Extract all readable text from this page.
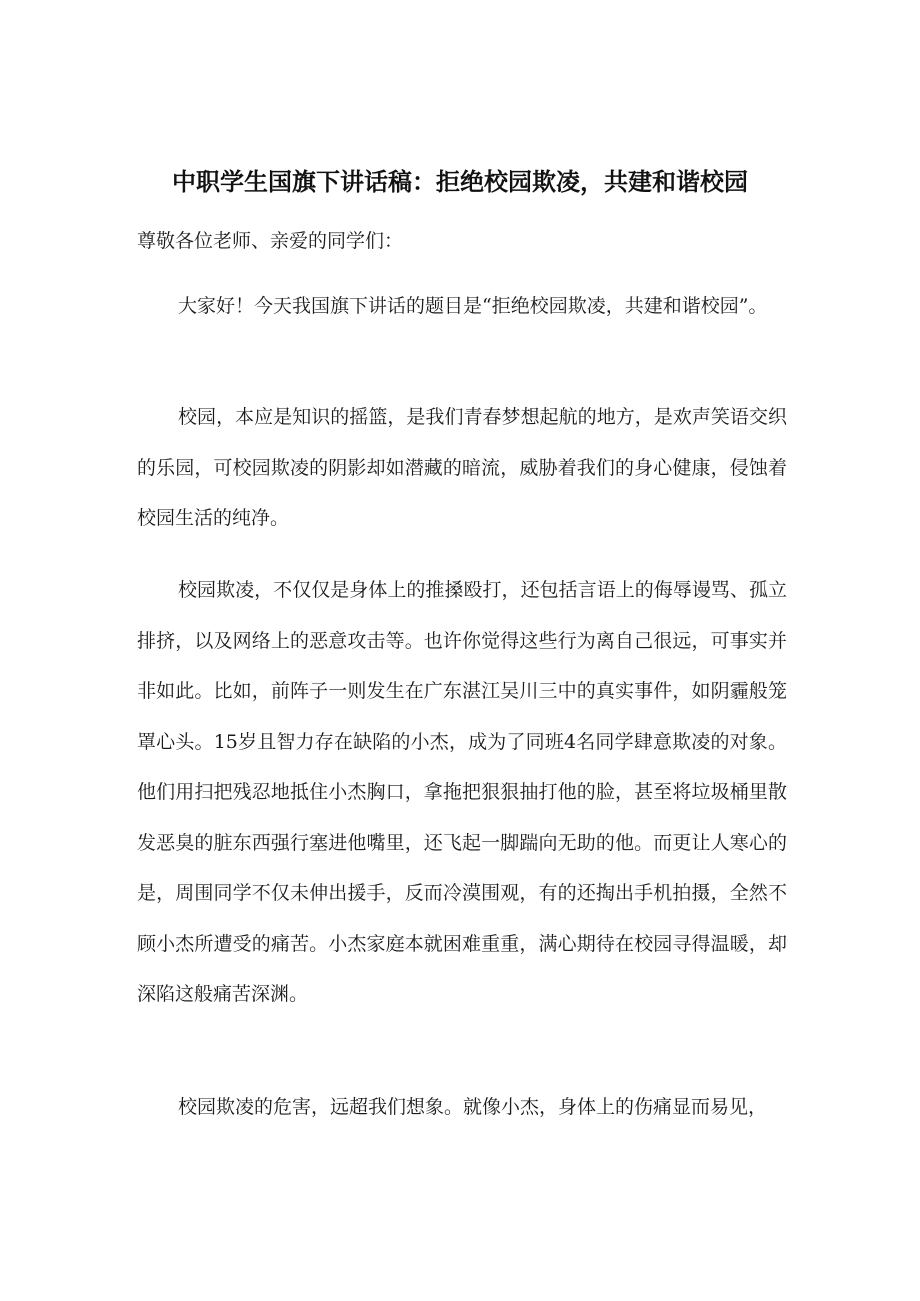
中职学生国旗下讲话稿：拒绝校园欺凌，共建和谐校园
尊敬各位老师、亲爱的同学们：

大家好！今天我国旗下讲话的题目是“拒绝校园欺凌，共建和谐校园”。

校园，本应是知识的摇篮，是我们青春梦想起航的地方，是欢声笑语交织的乐园，可校园欺凌的阴影却如潜藏的暗流，威胁着我们的身心健康，侵蚀着校园生活的纯净。

校园欺凌，不仅仅是身体上的推搡殴打，还包括言语上的侮辱谩骂、孤立排挤，以及网络上的恶意攻击等。也许你觉得这些行为离自己很远，可事实并非如此。比如，前阵子一则发生在广东湛江吴川三中的真实事件，如阴霾般笼罩心头。15岁且智力存在缺陷的小杰，成为了同班4名同学肆意欺凌的对象。他们用扫把残忍地抵住小杰胸口，拿拖把狠狠抽打他的脸，甚至将垃圾桶里散发恶臭的脏东西强行塞进他嘴里，还飞起一脚踹向无助的他。而更让人寒心的是，周围同学不仅未伸出援手，反而冷漠围观，有的还掏出手机拍摄，全然不顾小杰所遭受的痛苦。小杰家庭本就困难重重，满心期待在校园寻得温暖，却深陷这般痛苦深渊。

校园欺凌的危害，远超我们想象。就像小杰，身体上的伤痛显而易见，
